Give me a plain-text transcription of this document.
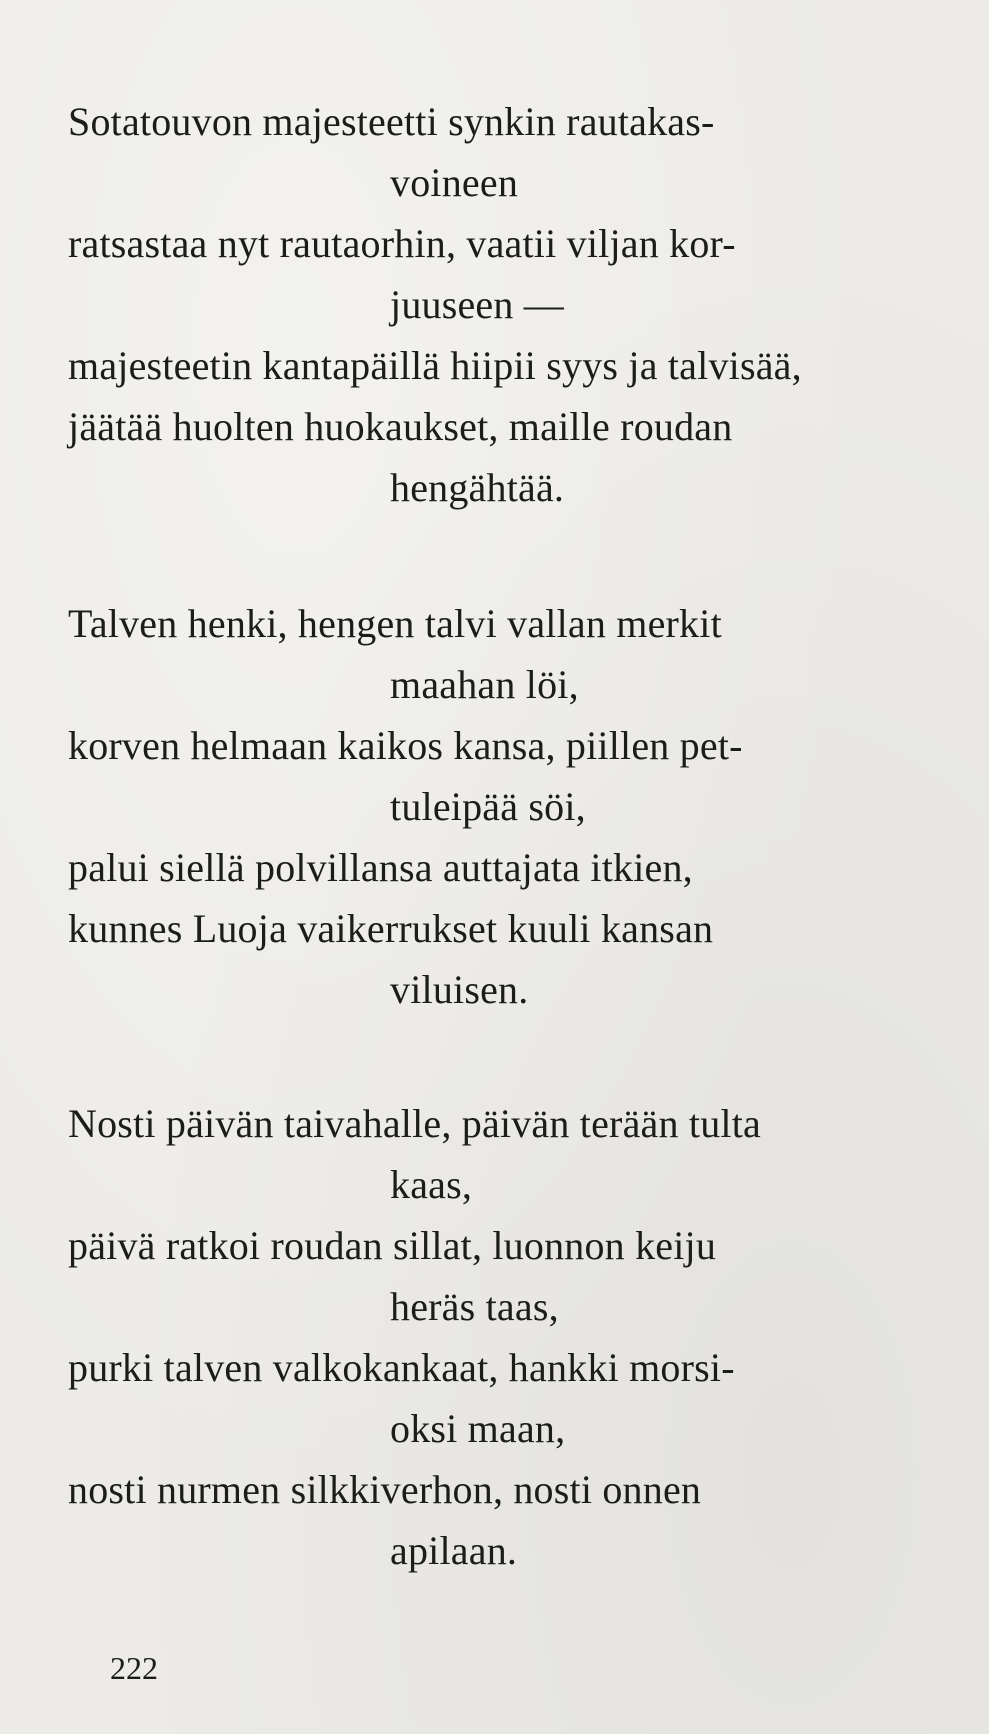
Sotatouvon majesteetti synkin rautakas-
voineen
ratsastaa nyt rautaorhin, vaatii viljan kor-
juuseen —
majesteetin kantapäillä hiipii syys ja talvisää,
jäätää huolten huokaukset, maille roudan
hengähtää.
Talven henki, hengen talvi vallan merkit
maahan löi,
korven helmaan kaikos kansa, piillen pet-
tuleipää söi,
palui siellä polvillansa auttajata itkien,
kunnes Luoja vaikerrukset kuuli kansan
viluisen.
Nosti päivän taivahalle, päivän terään tulta
kaas,
päivä ratkoi roudan sillat, luonnon keiju
heräs taas,
purki talven valkokankaat, hankki morsi-
oksi maan,
nosti nurmen silkkiverhon, nosti onnen
apilaan.
222
